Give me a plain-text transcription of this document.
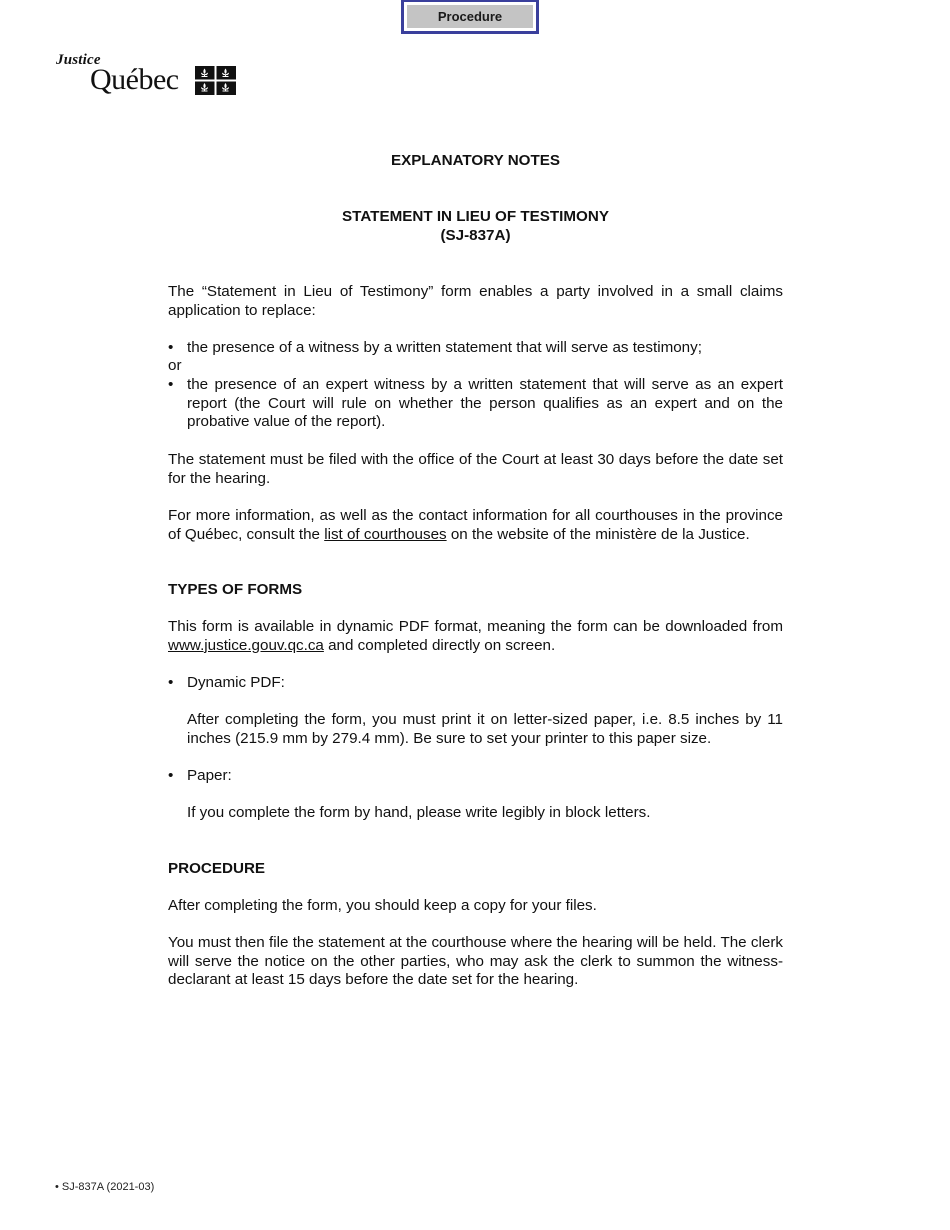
Procedure
Justice
Québec
EXPLANATORY NOTES
STATEMENT IN LIEU OF TESTIMONY
(SJ-837A)

The “Statement in Lieu of Testimony” form enables a party involved in a small claims application to replace:

• the presence of a witness by a written statement that will serve as testimony;
or
• the presence of an expert witness by a written statement that will serve as an expert report (the Court will rule on whether the person qualifies as an expert and on the probative value of the report).

The statement must be filed with the office of the Court at least 30 days before the date set for the hearing.

For more information, as well as the contact information for all courthouses in the province of Québec, consult the list of courthouses on the website of the ministère de la Justice.

TYPES OF FORMS

This form is available in dynamic PDF format, meaning the form can be downloaded from www.justice.gouv.qc.ca and completed directly on screen.

• Dynamic PDF:
After completing the form, you must print it on letter-sized paper, i.e. 8.5 inches by 11 inches (215.9 mm by 279.4 mm). Be sure to set your printer to this paper size.
• Paper:
If you complete the form by hand, please write legibly in block letters.
PROCEDURE

After completing the form, you should keep a copy for your files.

You must then file the statement at the courthouse where the hearing will be held. The clerk will serve the notice on the other parties, who may ask the clerk to summon the witness-declarant at least 15 days before the date set for the hearing.

• SJ-837A (2021-03)
